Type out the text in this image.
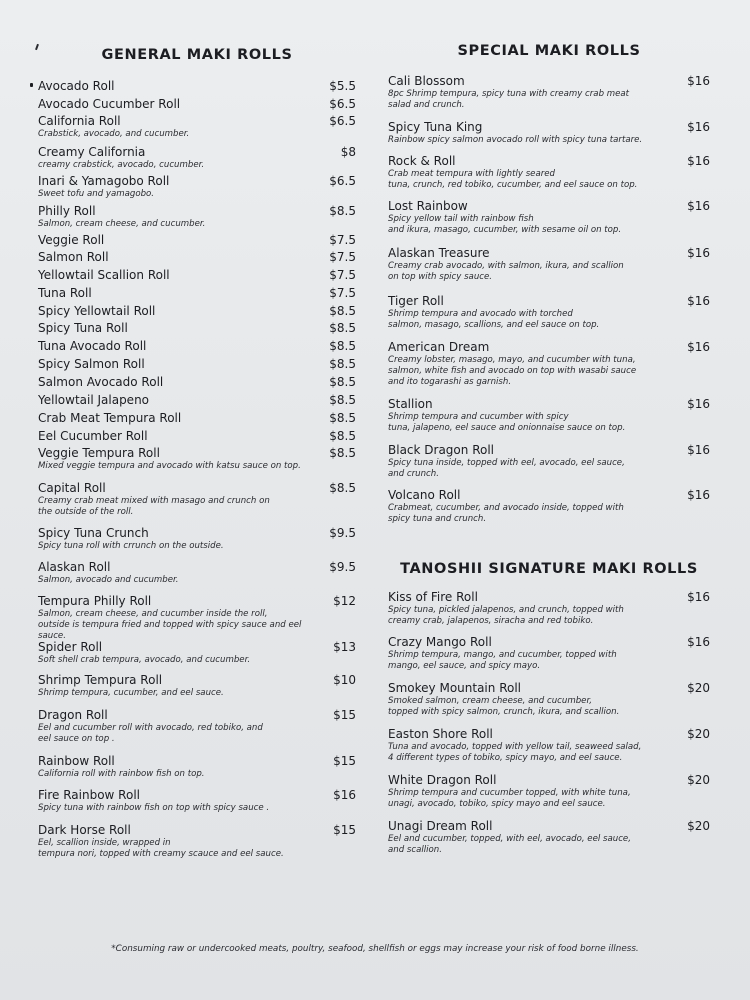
GENERAL MAKI ROLLS
Avocado Roll	$5.5
Avocado Cucumber Roll	$6.5
California Roll	$6.5
Crabstick, avocado, and cucumber.
Creamy California	$8
creamy crabstick, avocado, cucumber.
Inari & Yamagobo Roll	$6.5
Sweet tofu and yamagobo.
Philly Roll	$8.5
Salmon, cream cheese, and cucumber.
Veggie Roll	$7.5
Salmon Roll	$7.5
Yellowtail Scallion Roll	$7.5
Tuna Roll	$7.5
Spicy Yellowtail Roll	$8.5
Spicy Tuna Roll	$8.5
Tuna Avocado Roll	$8.5
Spicy Salmon Roll	$8.5
Salmon Avocado Roll	$8.5
Yellowtail Jalapeno	$8.5
Crab Meat Tempura Roll	$8.5
Eel Cucumber Roll	$8.5
Veggie Tempura Roll	$8.5
Mixed veggie tempura and avocado with katsu sauce on top.
Capital Roll	$8.5
Creamy crab meat mixed with masago and crunch on
the outside of the roll.
Spicy Tuna Crunch	$9.5
Spicy tuna roll with crrunch on the outside.
Alaskan Roll	$9.5
Salmon, avocado and cucumber.
Tempura Philly Roll	$12
Salmon, cream cheese, and cucumber inside the roll,
outside is tempura fried and topped with spicy sauce and eel sauce.
Spider Roll	$13
Soft shell crab tempura, avocado, and cucumber.
Shrimp Tempura Roll	$10
Shrimp tempura, cucumber, and eel sauce.
Dragon Roll	$15
Eel and cucumber roll with avocado, red tobiko, and
eel sauce on top .
Rainbow Roll	$15
California roll with rainbow fish on top.
Fire Rainbow Roll	$16
Spicy tuna with rainbow fish on top with spicy sauce .
Dark Horse Roll	$15
Eel, scallion inside, wrapped in
tempura nori, topped with creamy scauce and eel sauce.
SPECIAL MAKI ROLLS
Cali Blossom	$16
8pc Shrimp tempura, spicy tuna with creamy crab meat
salad and crunch.
Spicy Tuna King	$16
Rainbow spicy salmon avocado roll with spicy tuna tartare.
Rock & Roll	$16
Crab meat tempura with lightly seared
tuna, crunch, red tobiko, cucumber, and eel sauce on top.
Lost Rainbow	$16
Spicy yellow tail with rainbow fish
and ikura, masago, cucumber, with sesame oil on top.
Alaskan Treasure	$16
Creamy crab avocado, with salmon, ikura, and scallion
on top with spicy sauce.
Tiger Roll	$16
Shrimp tempura and avocado with torched
salmon, masago, scallions, and eel sauce on top.
American Dream	$16
Creamy lobster, masago, mayo, and cucumber with tuna,
salmon, white fish and avocado on top with wasabi sauce
and ito togarashi as garnish.
Stallion	$16
Shrimp tempura and cucumber with spicy
tuna, jalapeno, eel sauce and onionnaise sauce on top.
Black Dragon Roll	$16
Spicy tuna inside, topped with eel, avocado, eel sauce,
and crunch.
Volcano Roll	$16
Crabmeat, cucumber, and avocado inside, topped with
spicy tuna and crunch.
TANOSHII SIGNATURE MAKI ROLLS
Kiss of Fire Roll	$16
Spicy tuna, pickled jalapenos, and crunch, topped with
creamy crab, jalapenos, siracha and red tobiko.
Crazy Mango Roll	$16
Shrimp tempura, mango, and cucumber, topped with
mango, eel sauce, and spicy mayo.
Smokey Mountain Roll	$20
Smoked salmon, cream cheese, and cucumber,
topped with spicy salmon, crunch, ikura, and scallion.
Easton Shore Roll	$20
Tuna and avocado, topped with yellow tail, seaweed salad,
4 different types of tobiko, spicy mayo, and eel sauce.
White Dragon Roll	$20
Shrimp tempura and cucumber topped, with white tuna,
unagi, avocado, tobiko, spicy mayo and eel sauce.
Unagi Dream Roll	$20
Eel and cucumber, topped, with eel, avocado, eel sauce,
and scallion.
*Consuming raw or undercooked meats, poultry, seafood, shellfish or eggs may increase your risk of food borne illness.
